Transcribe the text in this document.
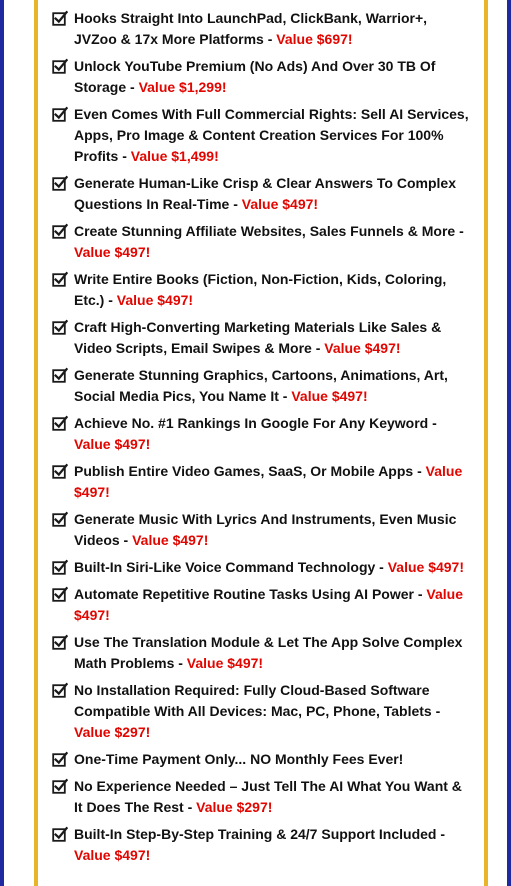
Hooks Straight Into LaunchPad, ClickBank, Warrior+, JVZoo & 17x More Platforms - Value $697!
Unlock YouTube Premium (No Ads) And Over 30 TB Of Storage - Value $1,299!
Even Comes With Full Commercial Rights: Sell AI Services, Apps, Pro Image & Content Creation Services For 100% Profits - Value $1,499!
Generate Human-Like Crisp & Clear Answers To Complex Questions In Real-Time - Value $497!
Create Stunning Affiliate Websites, Sales Funnels & More - Value $497!
Write Entire Books (Fiction, Non-Fiction, Kids, Coloring, Etc.) - Value $497!
Craft High-Converting Marketing Materials Like Sales & Video Scripts, Email Swipes & More - Value $497!
Generate Stunning Graphics, Cartoons, Animations, Art, Social Media Pics, You Name It - Value $497!
Achieve No. #1 Rankings In Google For Any Keyword - Value $497!
Publish Entire Video Games, SaaS, Or Mobile Apps - Value $497!
Generate Music With Lyrics And Instruments, Even Music Videos - Value $497!
Built-In Siri-Like Voice Command Technology - Value $497!
Automate Repetitive Routine Tasks Using AI Power - Value $497!
Use The Translation Module & Let The App Solve Complex Math Problems - Value $497!
No Installation Required: Fully Cloud-Based Software Compatible With All Devices: Mac, PC, Phone, Tablets - Value $297!
One-Time Payment Only... NO Monthly Fees Ever!
No Experience Needed – Just Tell The AI What You Want & It Does The Rest - Value $297!
Built-In Step-By-Step Training & 24/7 Support Included - Value $497!
